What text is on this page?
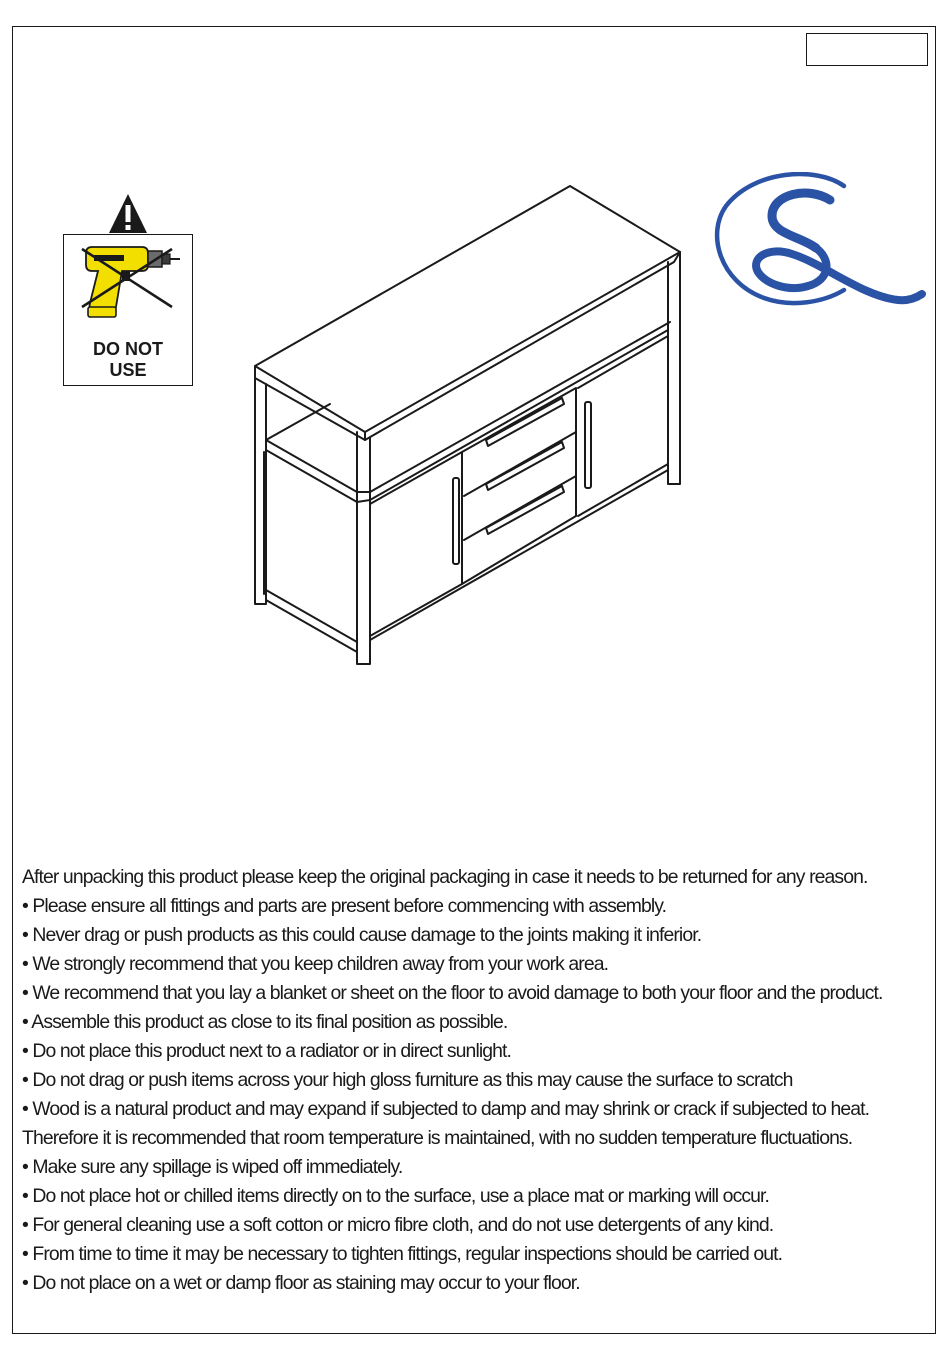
DO NOT
USE
After unpacking this product please keep the original packaging in case it needs to be returned for any reason.
• Please ensure all fittings and parts are present before commencing with assembly.
• Never drag or push products as this could cause damage to the joints making it inferior.
• We strongly recommend that you keep children away from your work area.
• We recommend that you lay a blanket or sheet on the floor to avoid damage to both your floor and the product.
• Assemble this product as close to its final position as possible.
• Do not place this product next to a radiator or in direct sunlight.
• Do not drag or push items across your high gloss furniture as this may cause the surface to scratch
• Wood is a natural product and may expand if subjected to damp and may shrink or crack if subjected to heat.
Therefore it is recommended that room temperature is maintained, with no sudden temperature fluctuations.
• Make sure any spillage is wiped off immediately.
• Do not place hot or chilled items directly on to the surface, use a place mat or marking will occur.
• For general cleaning use a soft cotton or micro fibre cloth, and do not use detergents of any kind.
• From time to time it may be necessary to tighten fittings, regular inspections should be carried out.
• Do not place on a wet or damp floor as staining may occur to your floor.
